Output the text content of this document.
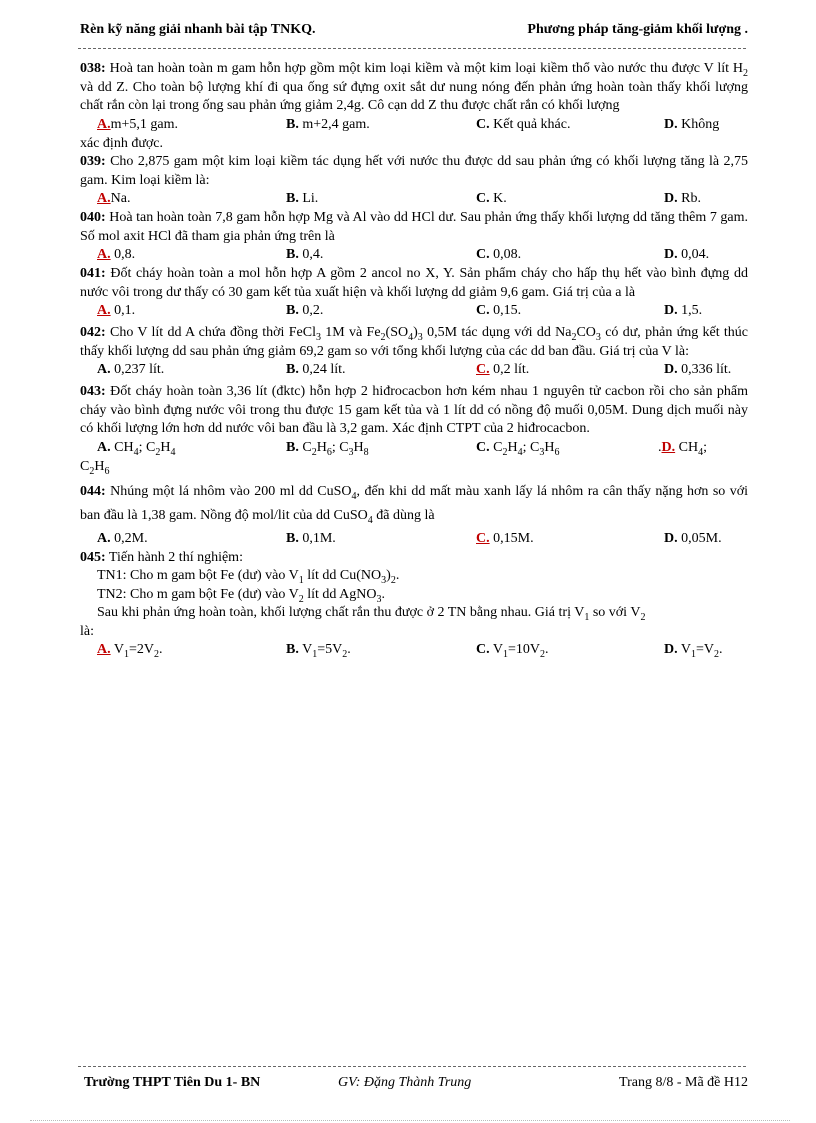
Rèn kỹ năng giải nhanh bài tập TNKQ.	Phương pháp tăng-giảm khối lượng .
038: Hoà tan hoàn toàn m gam hỗn hợp gồm một kim loại kiềm và một kim loại kiềm thổ vào nước thu được V lít $H_2$ và dd Z. Cho toàn bộ lượng khí đi qua ống sứ đựng oxit sắt dư nung nóng đến phản ứng hoàn toàn thấy khối lượng chất rắn còn lại trong ống sau phản ứng giảm 2,4g. Cô cạn dd Z thu được chất rắn có khối lượng
A.m+5,1 gam.	B. m+2,4 gam.	C. Kết quả khác.	D. Không
xác định được.
039: Cho 2,875 gam một kim loại kiềm tác dụng hết với nước thu được dd sau phản ứng có khối lượng tăng là 2,75 gam. Kim loại kiềm là:
A.Na.	B. Li.	C. K.	D. Rb.
040: Hoà tan hoàn toàn 7,8 gam hỗn hợp Mg và Al vào dd HCl dư. Sau phản ứng thấy khối lượng dd tăng thêm 7 gam. Số mol axit HCl đã tham gia phản ứng trên là
A. 0,8.	B. 0,4.	C. 0,08.	D. 0,04.
041: Đốt cháy hoàn toàn a mol hỗn hợp A gồm 2 ancol no X, Y. Sản phẩm cháy cho hấp thụ hết vào bình đựng dd nước vôi trong dư thấy có 30 gam kết tủa xuất hiện và khối lượng dd giảm 9,6 gam. Giá trị của a là
A. 0,1.	B. 0,2.	C. 0,15.	D. 1,5.
042: Cho V lít dd A chứa đồng thời FeCl$_3$ 1M và $Fe_2(SO_4)_3$ 0,5M tác dụng với dd $Na_2CO_3$ có dư, phản ứng kết thúc thấy khối lượng dd sau phản ứng giảm 69,2 gam so với tổng khối lượng của các dd ban đầu. Giá trị của V là:
A. 0,237 lít.	B. 0,24 lít.	C. 0,2 lít.	D. 0,336 lít.
043: Đốt cháy hoàn toàn 3,36 lít (đktc) hỗn hợp 2 hiđrocacbon hơn kém nhau 1 nguyên tử cacbon rồi cho sản phẩm cháy vào bình đựng nước vôi trong thu được 15 gam kết tủa và 1 lít dd có nồng độ muối 0,05M. Dung dịch muối này có khối lượng lớn hơn dd nước vôi ban đầu là 3,2 gam. Xác định CTPT của 2 hiđrocacbon.
A. $CH_4$; $C_2H_4$	B. $C_2H_6$; $C_3H_8$	C. $C_2H_4$; $C_3H_6$	.D. $CH_4$;
$C_2H_6$
044: Nhúng một lá nhôm vào 200 ml dd CuSO$_4$, đến khi dd mất màu xanh lấy lá nhôm ra cân thấy nặng hơn so với ban đầu là 1,38 gam. Nồng độ mol/lit của dd CuSO$_4$ đã dùng là
A. 0,2M.	B. 0,1M.	C. 0,15M.	D. 0,05M.
045: Tiến hành 2 thí nghiệm:
TN1: Cho m gam bột Fe (dư) vào $V_1$ lít dd $Cu(NO_3)_2$.
TN2: Cho m gam bột Fe (dư) vào $V_2$ lít dd AgNO$_3$.
Sau khi phản ứng hoàn toàn, khối lượng chất rắn thu được ở 2 TN bằng nhau. Giá trị $V_1$ so với $V_2$
là:
A. $V_1=2V_2$.	B. $V_1=5V_2$.	C. $V_1=10V_2$.	D. $V_1=V_2$.
Trường THPT Tiên Du 1- BN	GV: Đặng Thành Trung	Trang 8/8 - Mã đề H12
